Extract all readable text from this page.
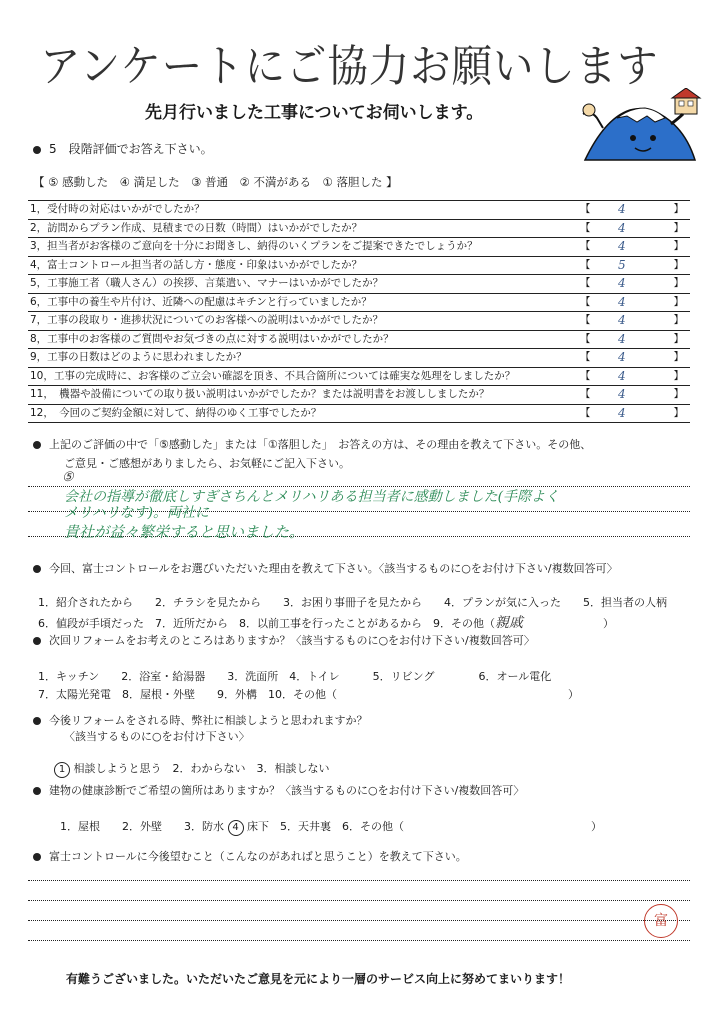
アンケートにご協力お願いします
先月行いました工事についてお伺いします。
5　段階評価でお答え下さい。
【 ⑤ 感動した　④ 満足した　③ 普通　② 不満がある　① 落胆した 】
1，受付時の対応はいかがでしたか？	【 4	】
2，訪問からプラン作成、見積までの日数（時間）はいかがでしたか？	【 4	】
3，担当者がお客様のご意向を十分にお聞きし、納得のいくプランをご提案できたでしょうか？	【 4	】
4，富士コントロール担当者の話し方・態度・印象はいかがでしたか？	【 5	】
5，工事施工者（職人さん）の挨拶、言葉遣い、マナーはいかがでしたか？	【 4	】
6，工事中の養生や片付け、近隣への配慮はキチンと行っていましたか？	【 4	】
7，工事の段取り・進捗状況についてのお客様への説明はいかがでしたか？	【 4	】
8，工事中のお客様のご質問やお気づきの点に対する説明はいかがでしたか？	【 4	】
9，工事の日数はどのように思われましたか？	【 4	】
10，工事の完成時に、お客様のご立会い確認を頂き、不具合箇所については確実な処理をしましたか？	【 4	】
11，　機器や設備についての取り扱い説明はいかがでしたか？または説明書をお渡ししましたか？	【 4	】
12，　今回のご契約金額に対して、納得のゆく工事でしたか？	【 4	】
上記のご評価の中で「⑤感動した」または「①落胆した」　お答えの方は、その理由を教えて下さい。その他、
ご意見・ご感想がありましたら、お気軽にご記入下さい。
⑤
会社の指導が徹底しすぎさちんとメリハリある担当者に感動しました(手際よく
メリハリなす)。両社に
貴社が益々繁栄すると思いました。
今回、富士コントロールをお選びいただいた理由を教えて下さい。〈該当するものに○をお付け下さい/複数回答可〉
1．紹介されたから　　2．チラシを見たから　　3．お困り事冊子を見たから　　4．プランが気に入った　　5．担当者の人柄
6．値段が手頃だった　7．近所だから　8．以前工事を行ったことがあるから　9．その他（親戚	）
次回リフォームをお考えのところはありますか？〈該当するものに○をお付け下さい/複数回答可〉
1．キッチン　　2．浴室・給湯器　　3．洗面所　4．トイレ　　　5．リビング　　　　6．オール電化
7．太陽光発電　8．屋根・外壁　　9．外構　10．その他（　　　　　　　　　　　　　　　　　　　　　）
今後リフォームをされる時、弊社に相談しようと思われますか？
〈該当するものに○をお付け下さい〉
1 相談しようと思う　 2．わからない　3．相談しない
建物の健康診断でご希望の箇所はありますか？〈該当するものに○をお付け下さい/複数回答可〉
1．屋根　　2．外壁　　3．防水 4 床下　5．天井裏　6．その他（　　　　　　　　　　　　　　　　　）
富士コントロールに今後望むこと（こんなのがあればと思うこと）を教えて下さい。
富
有難うございました。いただいたご意見を元により一層のサービス向上に努めてまいります！
